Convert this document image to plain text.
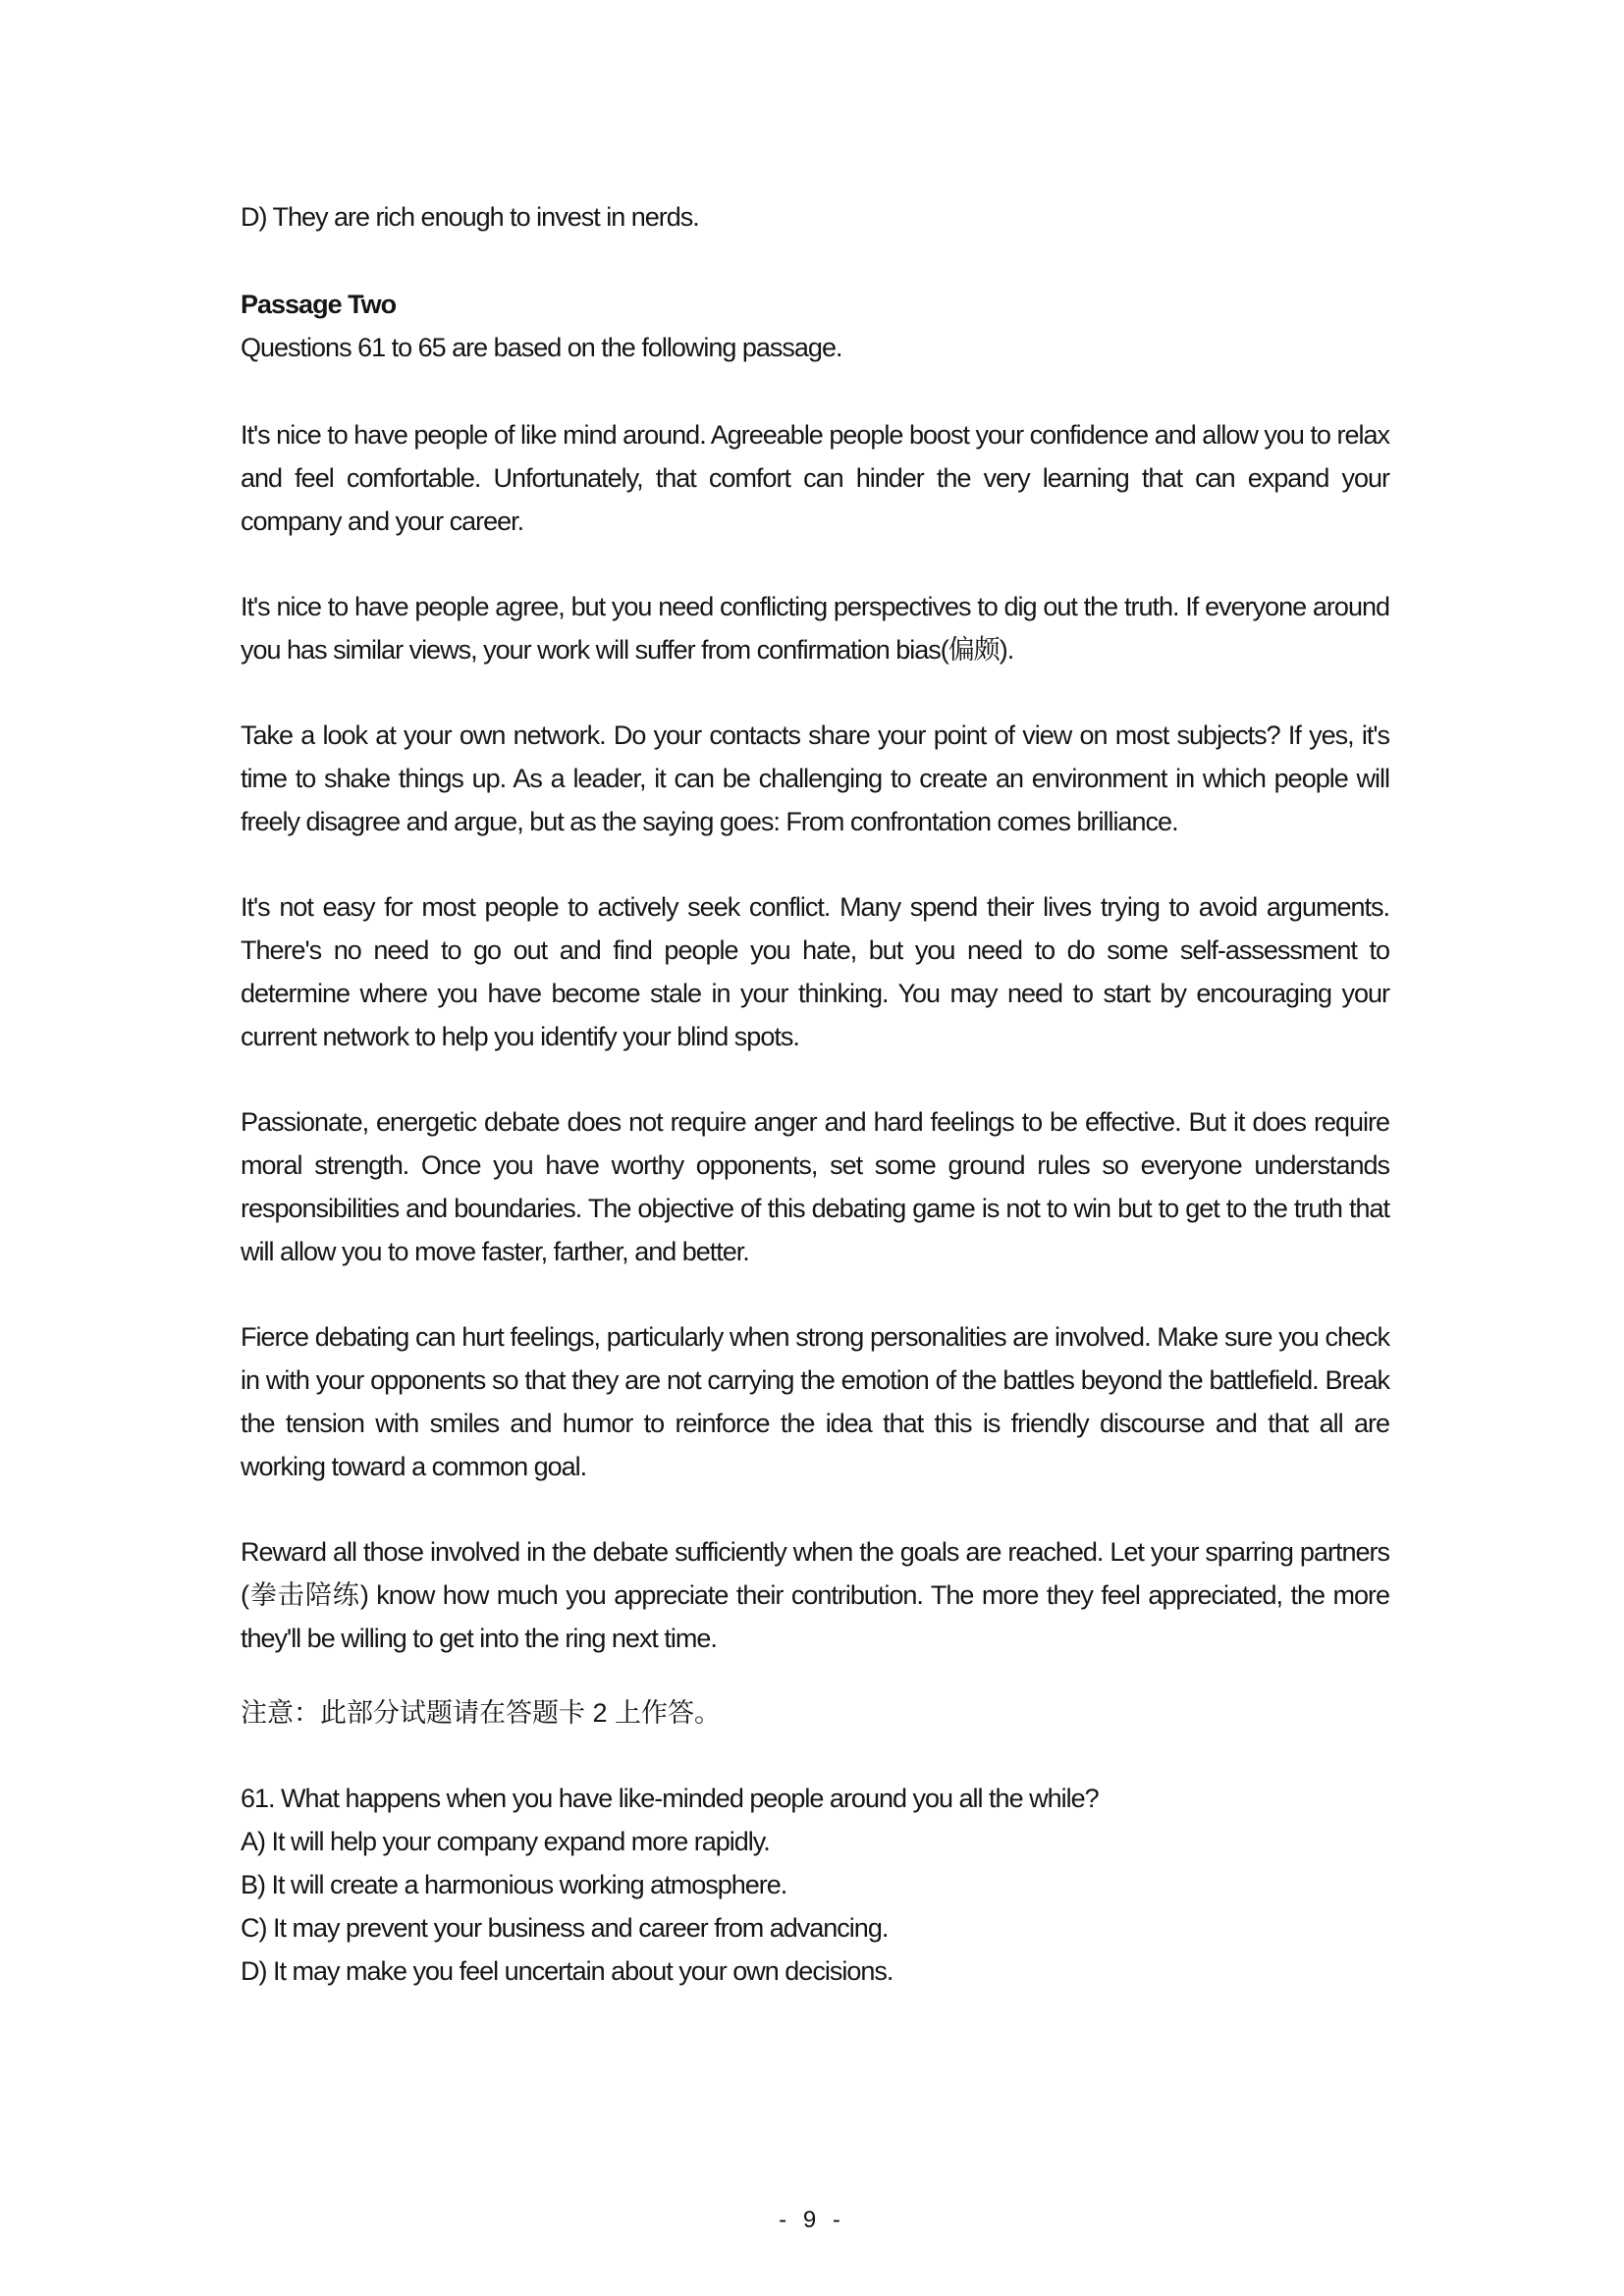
D) They are rich enough to invest in nerds.
Passage Two
Questions 61 to 65 are based on the following passage.

It's nice to have people of like mind around. Agreeable people boost your confidence and allow you to relax and feel comfortable. Unfortunately, that comfort can hinder the very learning that can expand your company and your career.

It's nice to have people agree, but you need conflicting perspectives to dig out the truth. If everyone around you has similar views, your work will suffer from confirmation bias(偏颇).

Take a look at your own network. Do your contacts share your point of view on most subjects? If yes, it's time to shake things up. As a leader, it can be challenging to create an environment in which people will freely disagree and argue, but as the saying goes: From confrontation comes brilliance.

It's not easy for most people to actively seek conflict. Many spend their lives trying to avoid arguments. There's no need to go out and find people you hate, but you need to do some self-assessment to determine where you have become stale in your thinking. You may need to start by encouraging your current network to help you identify your blind spots.

Passionate, energetic debate does not require anger and hard feelings to be effective. But it does require moral strength. Once you have worthy opponents, set some ground rules so everyone understands responsibilities and boundaries. The objective of this debating game is not to win but to get to the truth that will allow you to move faster, farther, and better.

Fierce debating can hurt feelings, particularly when strong personalities are involved. Make sure you check in with your opponents so that they are not carrying the emotion of the battles beyond the battlefield. Break the tension with smiles and humor to reinforce the idea that this is friendly discourse and that all are working toward a common goal.

Reward all those involved in the debate sufficiently when the goals are reached. Let your sparring partners (拳击陪练) know how much you appreciate their contribution. The more they feel appreciated, the more they'll be willing to get into the ring next time.

注意：此部分试题请在答题卡 2 上作答。
61. What happens when you have like-minded people around you all the while?
A) It will help your company expand more rapidly.
B) It will create a harmonious working atmosphere.
C) It may prevent your business and career from advancing.
D) It may make you feel uncertain about your own decisions.
- 9 -
